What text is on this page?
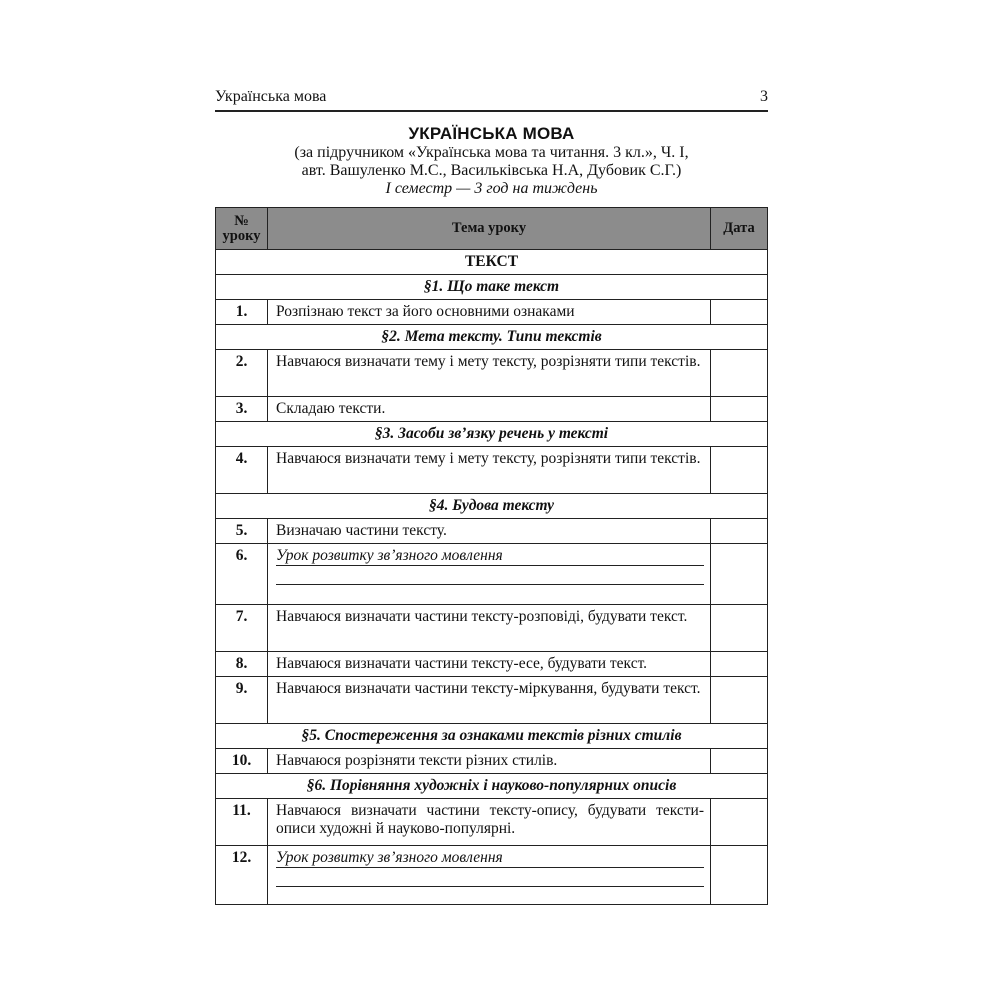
Українська мова	3
УКРАЇНСЬКА МОВА
(за підручником «Українська мова та читання. 3 кл.», Ч. І,
авт. Вашуленко М.С., Васильківська Н.А, Дубовик С.Г.)
І семестр — 3 год на тиждень
№ уроку	Тема уроку	Дата
ТЕКСТ		
§1. Що таке текст		
1.	Розпізнаю текст за його основними ознаками	
§2. Мета тексту. Типи текстів		
2.	Навчаюся визначати тему і мету тексту, розрізняти типи текстів.	
3.	Складаю тексти.	
§3. Засоби зв’язку речень у тексті		
4.	Навчаюся визначати тему і мету тексту, розрізняти типи текстів.	
§4. Будова тексту		
5.	Визначаю частини тексту.	
6.	Урок розвитку зв’язного мовлення	

7.	Навчаюся визначати частини тексту-розповіді, будувати текст.	
8.	Навчаюся визначати частини тексту-есе, будувати текст.	
9.	Навчаюся визначати частини тексту-міркування, будувати текст.	
§5. Спостереження за ознаками текстів різних стилів		
10.	Навчаюся розрізняти тексти різних стилів.	
§6. Порівняння художніх і науково-популярних описів		
11.	Навчаюся визначати частини тексту-опису, будувати тексти-описи художні й науково-популярні.	
12.	Урок розвитку зв’язного мовлення	
